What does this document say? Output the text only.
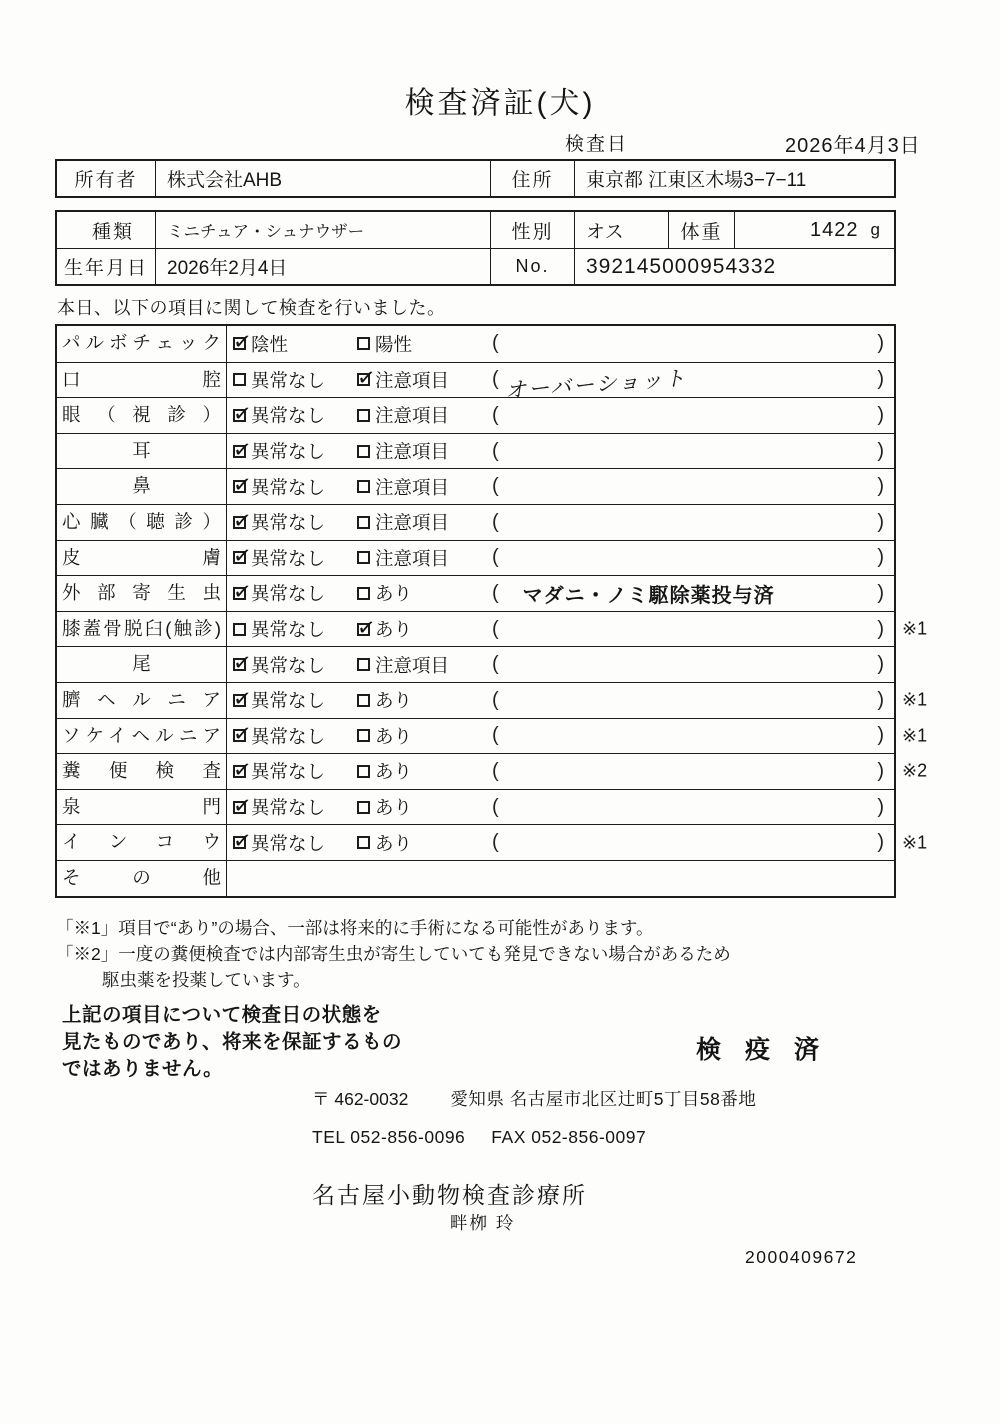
検査済証(犬)
検査日	2026年4月3日
所有者	株式会社AHB	住所	東京都 江東区木場3−7−11
種類	ミニチュア・シュナウザー	性別	オス	体重	1422 g
生年月日	2026年2月4日	No.	392145000954332
本日、以下の項目に関して検査を行いました。
パルボチェック ✓	陰性	陽性	(	)
口腔	異常なし ✓	注意項目 ( オーバーショット	)
眼（視診） ✓	異常なし	注意項目 (	)
耳 ✓	異常なし	注意項目 (	)
鼻 ✓	異常なし	注意項目 (	)
心臓（聴診） ✓	異常なし	注意項目 (	)
皮膚 ✓	異常なし	注意項目 (	)
外部寄生虫 ✓	異常なし	あり	(	マダニ・ノミ駆除薬投与済	)
膝蓋骨脱臼(触診)	異常なし ✓	あり	(	) ※1
尾 ✓	異常なし	注意項目 (	)
臍ヘルニア ✓	異常なし	あり	(	) ※1
ソケイヘルニア ✓	異常なし	あり	(	) ※1
糞便検査 ✓	異常なし	あり	(	) ※2
泉門 ✓	異常なし	あり	(	)
インコウ ✓	異常なし	あり	(	) ※1
その他
「※1」項目で“あり”の場合、一部は将来的に手術になる可能性があります。
「※2」一度の糞便検査では内部寄生虫が寄生していても発見できない場合があるため
駆虫薬を投薬しています。
上記の項目について検査日の状態を
見たものであり、将来を保証するもの
ではありません。
検疫済
〒 462-0032 愛知県 名古屋市北区辻町5丁目58番地
TEL 052-856-0096 FAX 052-856-0097
名古屋小動物検査診療所
畔栁 玲
2000409672
